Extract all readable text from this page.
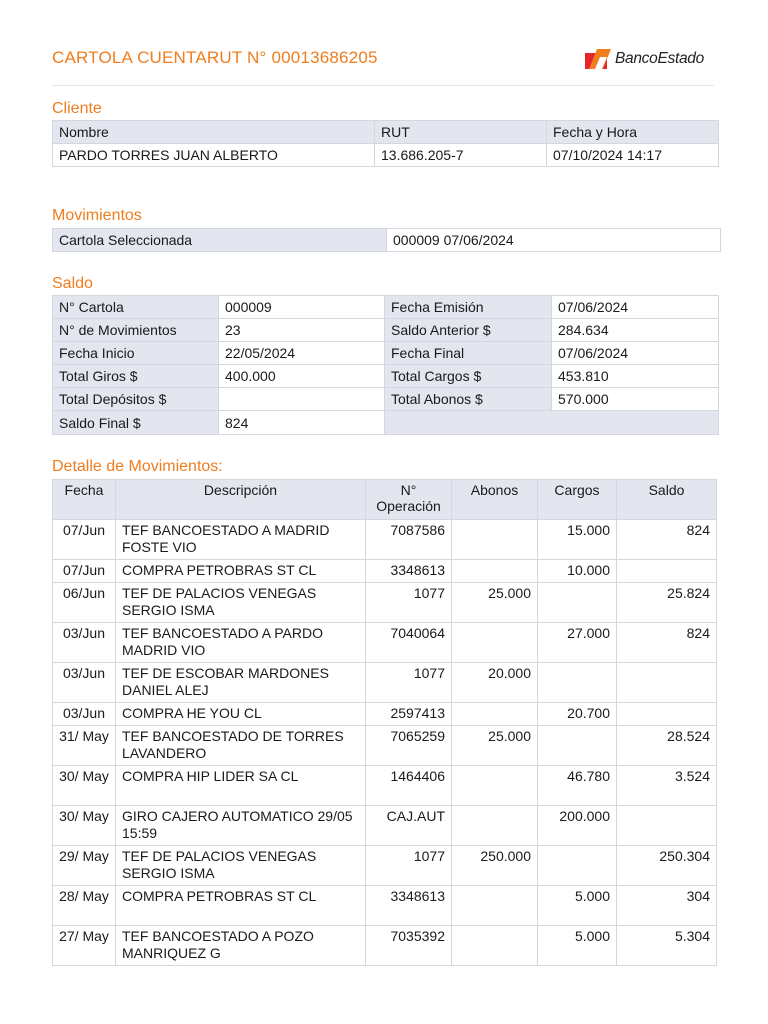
CARTOLA CUENTARUT N° 00013686205	BancoEstado
Cliente
Nombre	RUT	Fecha y Hora
PARDO TORRES JUAN ALBERTO	13.686.205-7	07/10/2024 14:17
Movimientos
Cartola Seleccionada	000009 07/06/2024
Saldo
N° Cartola	000009	Fecha Emisión	07/06/2024
N° de Movimientos	23	Saldo Anterior $	284.634
Fecha Inicio	22/05/2024	Fecha Final	07/06/2024
Total Giros $	400.000	Total Cargos $	453.810
Total Depósitos $		Total Abonos $	570.000
Saldo Final $	824		
Detalle de Movimientos:
Fecha	Descripción	N° Operación	Abonos	Cargos	Saldo
07/Jun	TEF BANCOESTADO A MADRID FOSTE VIO	7087586		15.000	824
07/Jun	COMPRA PETROBRAS ST CL	3348613		10.000	
06/Jun	TEF DE PALACIOS VENEGAS SERGIO ISMA	1077	25.000		25.824
03/Jun	TEF BANCOESTADO A PARDO MADRID VIO	7040064		27.000	824
03/Jun	TEF DE ESCOBAR MARDONES DANIEL ALEJ	1077	20.000		
03/Jun	COMPRA HE YOU CL	2597413		20.700	
31/ May	TEF BANCOESTADO DE TORRES LAVANDERO	7065259	25.000		28.524
30/ May	COMPRA HIP LIDER SA CL	1464406		46.780	3.524
30/ May	GIRO CAJERO AUTOMATICO 29/05 15:59	CAJ.AUT		200.000	
29/ May	TEF DE PALACIOS VENEGAS SERGIO ISMA	1077	250.000		250.304
28/ May	COMPRA PETROBRAS ST CL	3348613		5.000	304
27/ May	TEF BANCOESTADO A POZO MANRIQUEZ G	7035392		5.000	5.304
